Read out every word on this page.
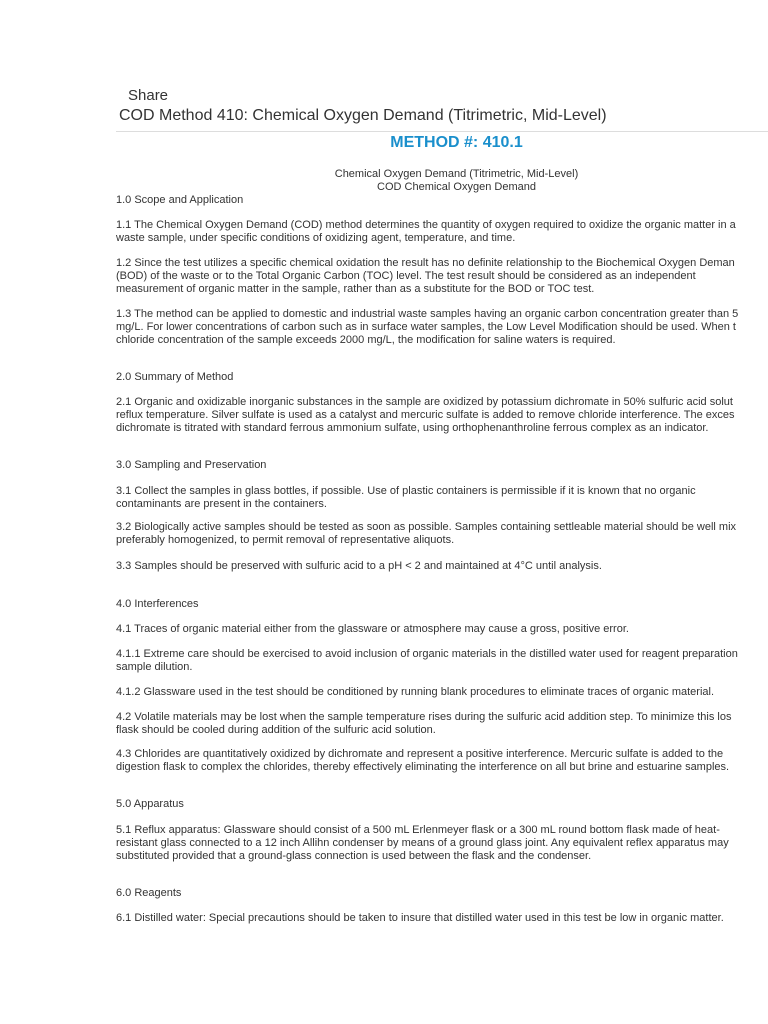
Share
COD Method 410: Chemical Oxygen Demand (Titrimetric, Mid-Level)
METHOD #: 410.1
Chemical Oxygen Demand (Titrimetric, Mid-Level)
COD Chemical Oxygen Demand
1.0 Scope and Application
1.1 The Chemical Oxygen Demand (COD) method determines the quantity of oxygen required to oxidize the organic matter in a
waste sample, under specific conditions of oxidizing agent, temperature, and time.
1.2 Since the test utilizes a specific chemical oxidation the result has no definite relationship to the Biochemical Oxygen Deman
(BOD) of the waste or to the Total Organic Carbon (TOC) level. The test result should be considered as an independent
measurement of organic matter in the sample, rather than as a substitute for the BOD or TOC test.
1.3 The method can be applied to domestic and industrial waste samples having an organic carbon concentration greater than 5
mg/L. For lower concentrations of carbon such as in surface water samples, the Low Level Modification should be used. When t
chloride concentration of the sample exceeds 2000 mg/L, the modification for saline waters is required.
2.0 Summary of Method
2.1 Organic and oxidizable inorganic substances in the sample are oxidized by potassium dichromate in 50% sulfuric acid solut
reflux temperature. Silver sulfate is used as a catalyst and mercuric sulfate is added to remove chloride interference. The exces
dichromate is titrated with standard ferrous ammonium sulfate, using orthophenanthroline ferrous complex as an indicator.
3.0 Sampling and Preservation
3.1 Collect the samples in glass bottles, if possible. Use of plastic containers is permissible if it is known that no organic
contaminants are present in the containers.
3.2 Biologically active samples should be tested as soon as possible. Samples containing settleable material should be well mix
preferably homogenized, to permit removal of representative aliquots.
3.3 Samples should be preserved with sulfuric acid to a pH < 2 and maintained at 4°C until analysis.
4.0 Interferences
4.1 Traces of organic material either from the glassware or atmosphere may cause a gross, positive error.
4.1.1 Extreme care should be exercised to avoid inclusion of organic materials in the distilled water used for reagent preparation
sample dilution.
4.1.2 Glassware used in the test should be conditioned by running blank procedures to eliminate traces of organic material.
4.2 Volatile materials may be lost when the sample temperature rises during the sulfuric acid addition step. To minimize this los
flask should be cooled during addition of the sulfuric acid solution.
4.3 Chlorides are quantitatively oxidized by dichromate and represent a positive interference. Mercuric sulfate is added to the
digestion flask to complex the chlorides, thereby effectively eliminating the interference on all but brine and estuarine samples.
5.0 Apparatus
5.1 Reflux apparatus: Glassware should consist of a 500 mL Erlenmeyer flask or a 300 mL round bottom flask made of heat-
resistant glass connected to a 12 inch Allihn condenser by means of a ground glass joint. Any equivalent reflex apparatus may
substituted provided that a ground-glass connection is used between the flask and the condenser.
6.0 Reagents
6.1 Distilled water: Special precautions should be taken to insure that distilled water used in this test be low in organic matter.
